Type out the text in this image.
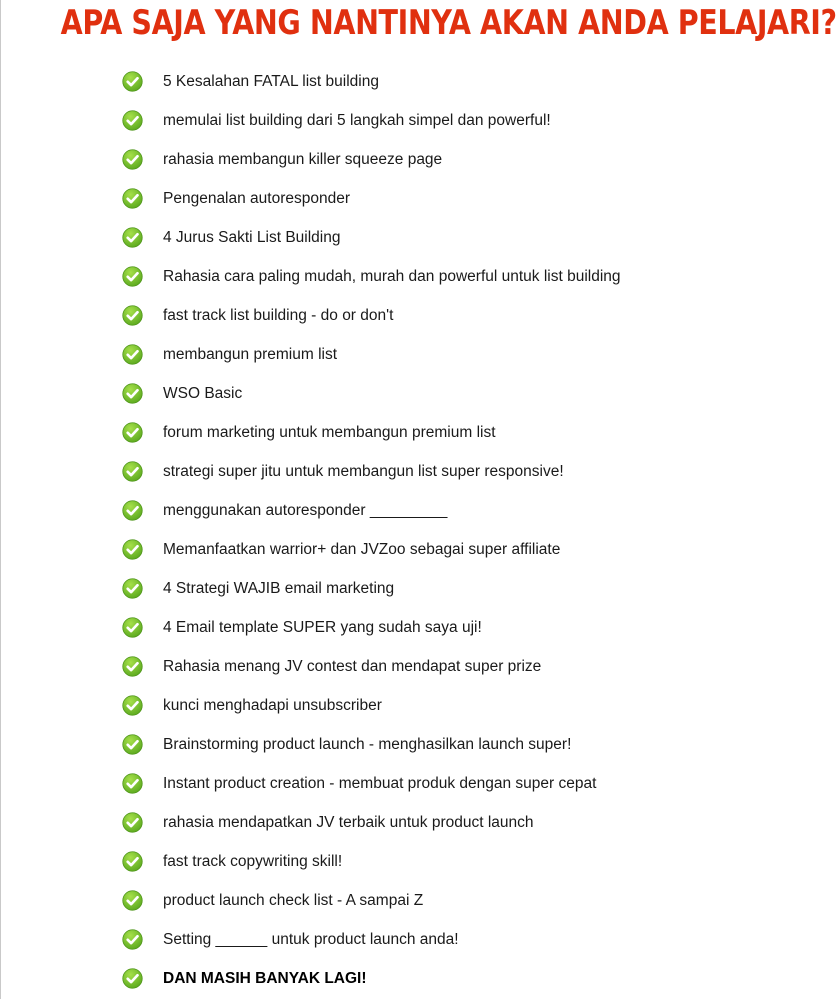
APA SAJA YANG NANTINYA AKAN ANDA PELAJARI?
5 Kesalahan FATAL list building
memulai list building dari 5 langkah simpel dan powerful!
rahasia membangun killer squeeze page
Pengenalan autoresponder
4 Jurus Sakti List Building
Rahasia cara paling mudah, murah dan powerful untuk list building
fast track list building - do or don't
membangun premium list
WSO Basic
forum marketing untuk membangun premium list
strategi super jitu untuk membangun list super responsive!
menggunakan autoresponder _________
Memanfaatkan warrior+ dan JVZoo sebagai super affiliate
4 Strategi WAJIB email marketing
4 Email template SUPER yang sudah saya uji!
Rahasia menang JV contest dan mendapat super prize
kunci menghadapi unsubscriber
Brainstorming product launch - menghasilkan launch super!
Instant product creation - membuat produk dengan super cepat
rahasia mendapatkan JV terbaik untuk product launch
fast track copywriting skill!
product launch check list - A sampai Z
Setting ______ untuk product launch anda!
DAN MASIH BANYAK LAGI!
